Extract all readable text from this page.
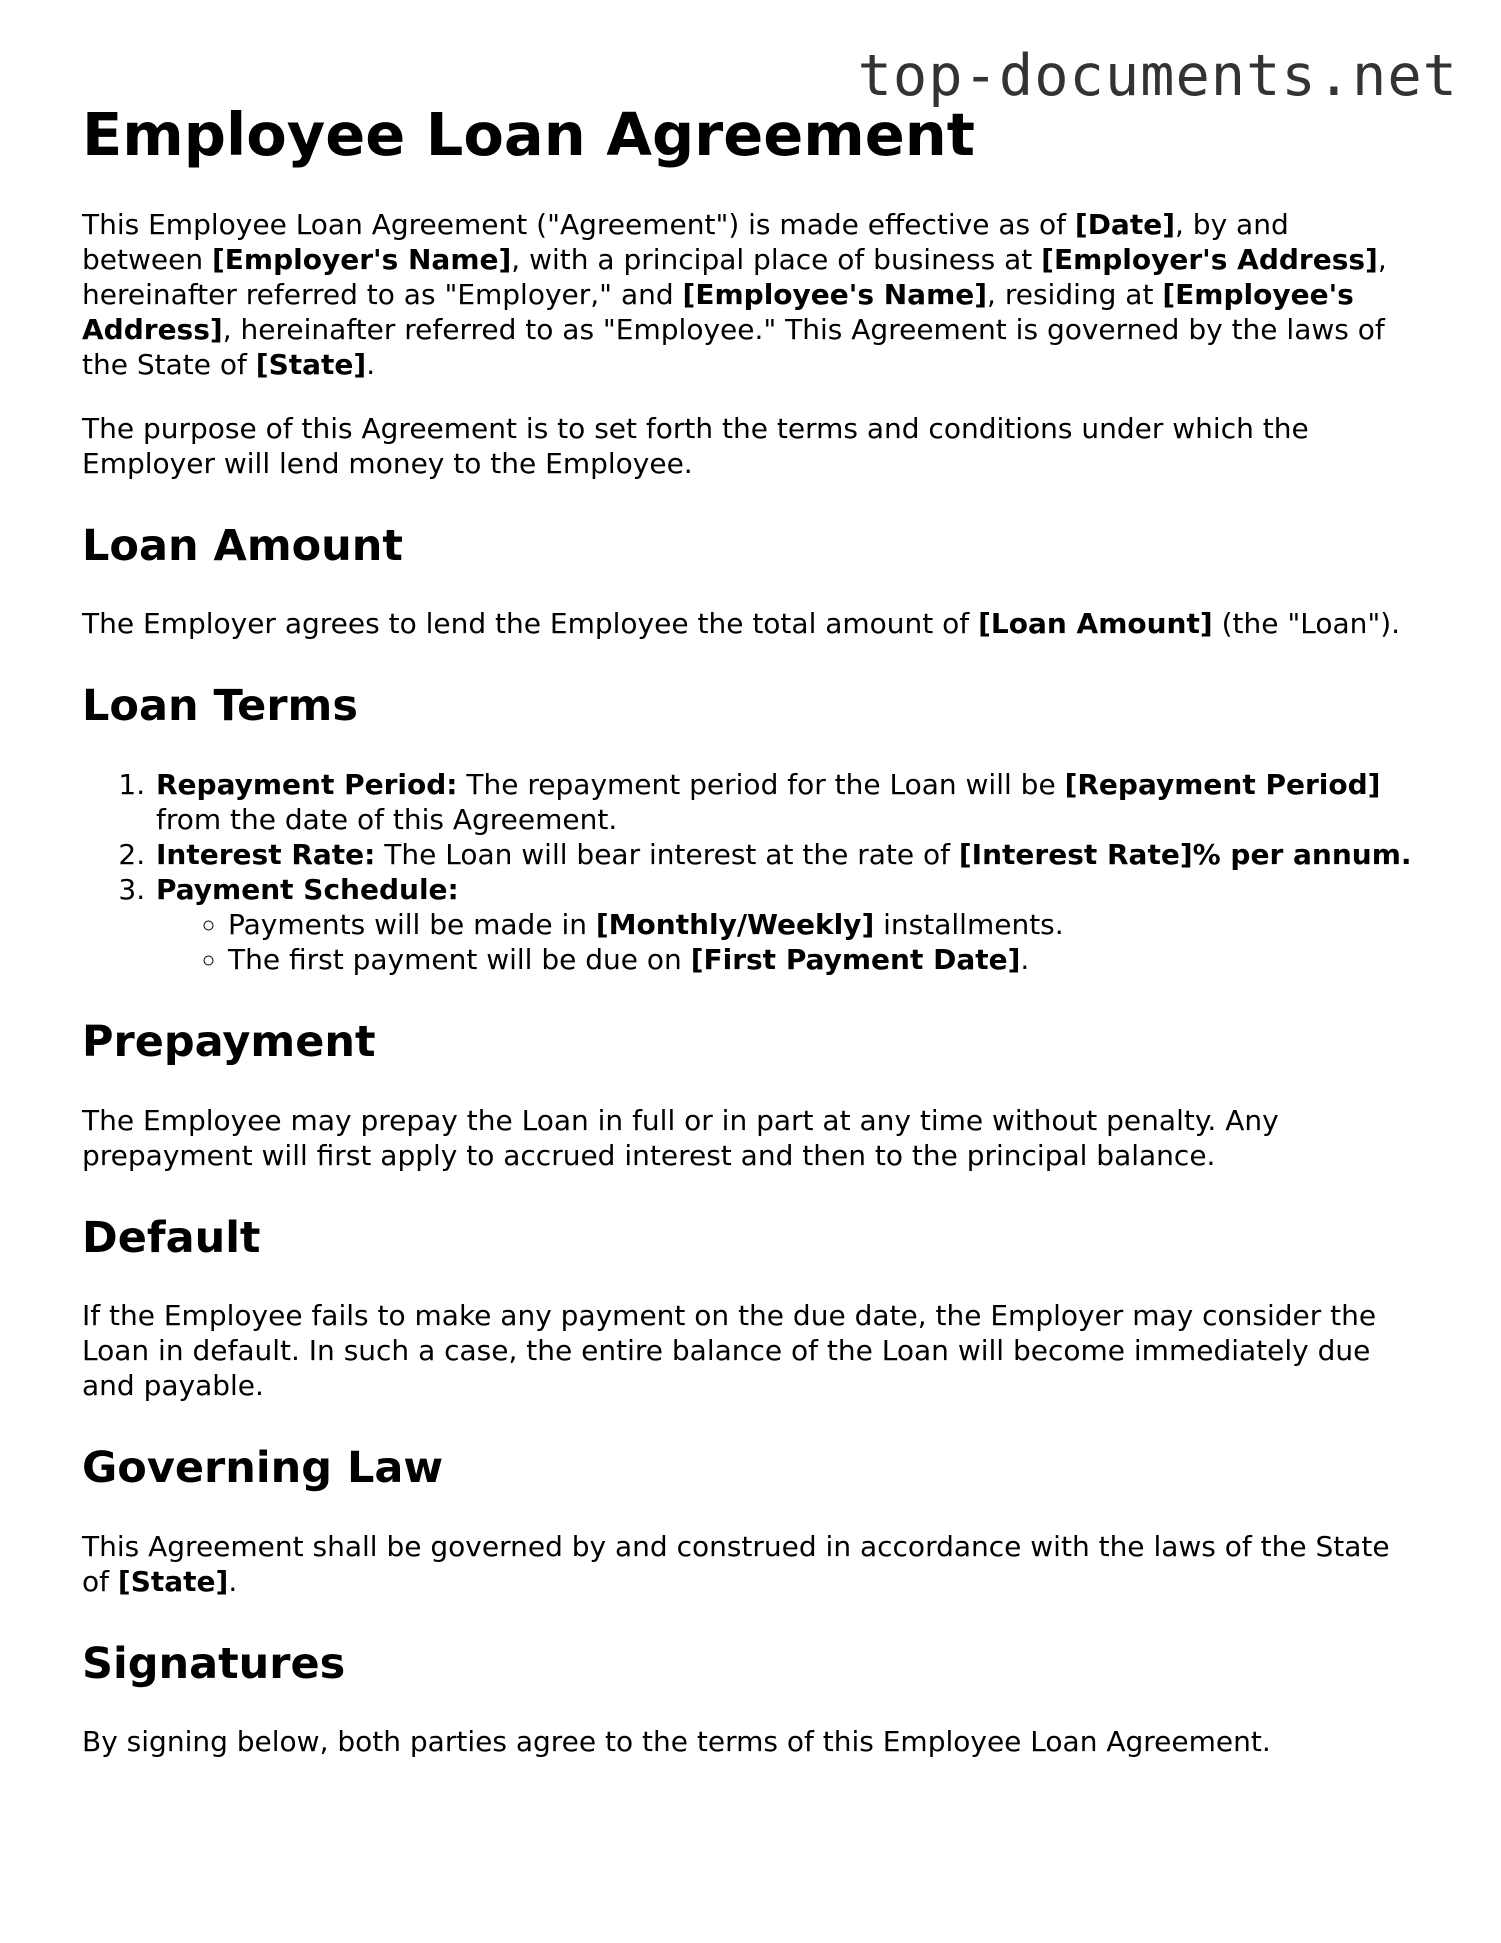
top-documents.net
Employee Loan Agreement

This Employee Loan Agreement ("Agreement") is made effective as of [Date], by and between [Employer's Name], with a principal place of business at [Employer's Address], hereinafter referred to as "Employer," and [Employee's Name], residing at [Employee's Address], hereinafter referred to as "Employee." This Agreement is governed by the laws of the State of [State].

The purpose of this Agreement is to set forth the terms and conditions under which the Employer will lend money to the Employee.

Loan Amount

The Employer agrees to lend the Employee the total amount of [Loan Amount] (the "Loan").

Loan Terms
1. Repayment Period: The repayment period for the Loan will be [Repayment Period] from the date of this Agreement.
2. Interest Rate: The Loan will bear interest at the rate of [Interest Rate]% per annum.
3. Payment Schedule:
◦ Payments will be made in [Monthly/Weekly] installments.
◦ The first payment will be due on [First Payment Date].
Prepayment

The Employee may prepay the Loan in full or in part at any time without penalty. Any prepayment will first apply to accrued interest and then to the principal balance.

Default

If the Employee fails to make any payment on the due date, the Employer may consider the Loan in default. In such a case, the entire balance of the Loan will become immediately due and payable.

Governing Law

This Agreement shall be governed by and construed in accordance with the laws of the State of [State].

Signatures

By signing below, both parties agree to the terms of this Employee Loan Agreement.
